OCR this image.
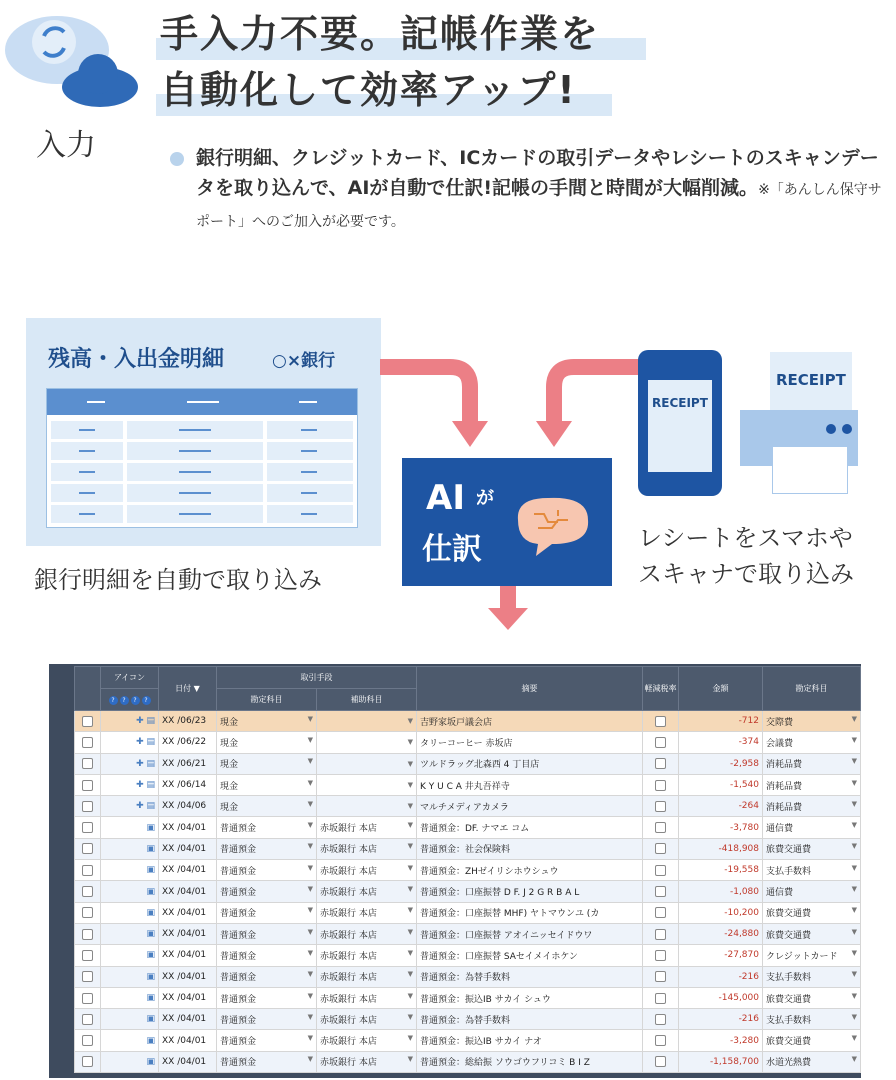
手入力不要。記帳作業を
自動化して効率アップ!
入力	銀行明細、クレジットカード、ICカードの取引データやレシートのスキャンデータを取り込んで、AIが自動で仕訳!記帳の手間と時間が大幅削減。※「あんしん保守サポート」へのご加入が必要です。
残高・入出金明細	○×銀行
銀行明細を自動で取り込み
AI が
仕訳
RECEIPT
RECEIPT
レシートをスマホや
スキャナで取り込み
	アイコン	日付 ▼	取引手段		摘要	軽減税率	金額	勘定科目
	? ? ? ?		勘定科目	補助科目				
	✚ ▤	XX /06/23	現金 ▼	▼	吉野家坂戸議会店		-712	交際費 ▼

	✚ ▤	XX /06/22	現金 ▼	▼	タリーコーヒー 赤坂店		-374	会議費 ▼

	✚ ▤	XX /06/21	現金 ▼	▼	ツルドラッグ北森西 4 丁目店		-2,958	消耗品費 ▼

	✚ ▤	XX /06/14	現金 ▼	▼	K Y U C A 井丸吾祥寺		-1,540	消耗品費 ▼

	✚ ▤	XX /04/06	現金 ▼	▼	マルチメディアカメラ		-264	消耗品費 ▼

	▣	XX /04/01	普通預金 ▼	赤坂銀行 本店 ▼	普通預金：DF. ナマエ コム		-3,780	通信費 ▼

	▣	XX /04/01	普通預金 ▼	赤坂銀行 本店 ▼	普通預金：社会保険料		-418,908	旅費交通費 ▼

	▣	XX /04/01	普通預金 ▼	赤坂銀行 本店 ▼	普通預金：ZHゼイリシホウシュウ		-19,558	支払手数料 ▼

	▣	XX /04/01	普通預金 ▼	赤坂銀行 本店 ▼	普通預金：口座振替 D F. J 2 G R B A L		-1,080	通信費 ▼

	▣	XX /04/01	普通預金 ▼	赤坂銀行 本店 ▼	普通預金：口座振替 MHF) ヤトマウンユ (カ		-10,200	旅費交通費 ▼

	▣	XX /04/01	普通預金 ▼	赤坂銀行 本店 ▼	普通預金：口座振替 アオイニッセイドウワ		-24,880	旅費交通費 ▼

	▣	XX /04/01	普通預金 ▼	赤坂銀行 本店 ▼	普通預金：口座振替 SAセイメイホケン		-27,870	クレジットカード ▼

	▣	XX /04/01	普通預金 ▼	赤坂銀行 本店 ▼	普通預金：為替手数料		-216	支払手数料 ▼

	▣	XX /04/01	普通預金 ▼	赤坂銀行 本店 ▼	普通預金：振込IB サカイ シュウ		-145,000	旅費交通費 ▼

	▣	XX /04/01	普通預金 ▼	赤坂銀行 本店 ▼	普通預金：為替手数料		-216	支払手数料 ▼

	▣	XX /04/01	普通預金 ▼	赤坂銀行 本店 ▼	普通預金：振込IB サカイ ナオ		-3,280	旅費交通費 ▼

	▣	XX /04/01	普通預金 ▼	赤坂銀行 本店 ▼	普通預金：総給振 ソウゴウフリコミ B I Z		-1,158,700	水道光熱費 ▼
